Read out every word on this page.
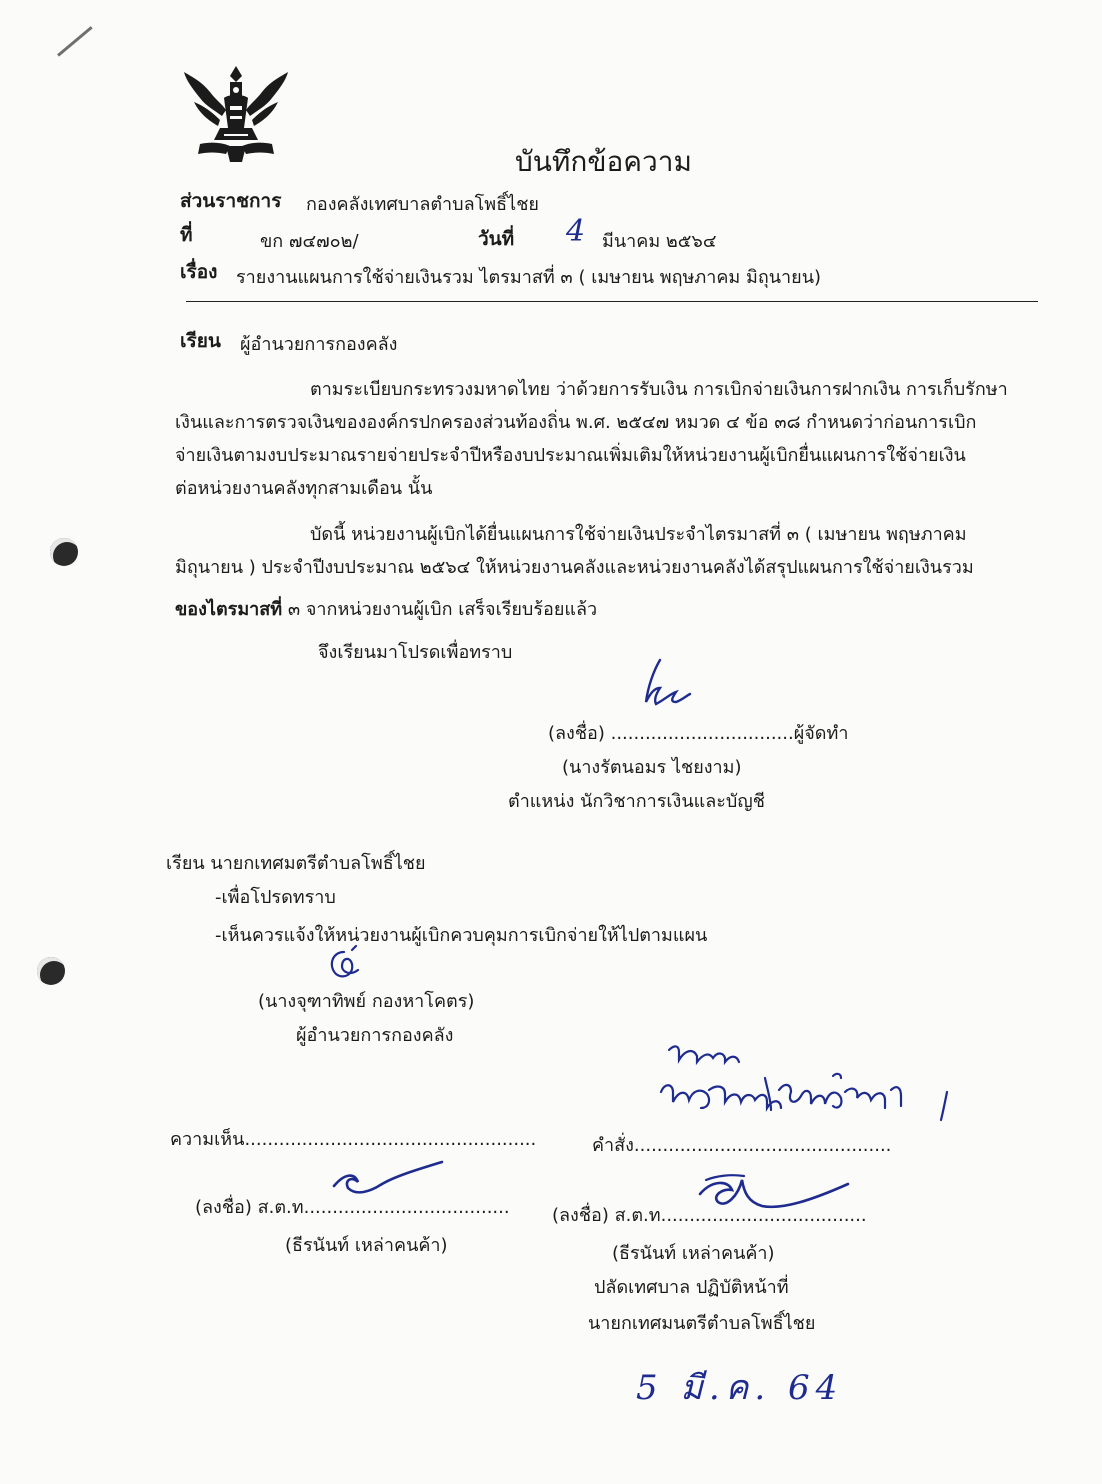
บันทึกข้อความ
ส่วนราชการ กองคลังเทศบาลตำบลโพธิ์ไชย
ที่	ขก ๗๔๗๐๒/	วันที่ 4 มีนาคม ๒๕๖๔
เรื่อง รายงานแผนการใช้จ่ายเงินรวม ไตรมาสที่ ๓ ( เมษายน พฤษภาคม มิถุนายน)
เรียน ผู้อำนวยการกองคลัง
ตามระเบียบกระทรวงมหาดไทย ว่าด้วยการรับเงิน การเบิกจ่ายเงินการฝากเงิน การเก็บรักษา
เงินและการตรวจเงินขององค์กรปกครองส่วนท้องถิ่น พ.ศ. ๒๕๔๗ หมวด ๔ ข้อ ๓๘ กำหนดว่าก่อนการเบิก
จ่ายเงินตามงบประมาณรายจ่ายประจำปีหรืองบประมาณเพิ่มเติมให้หน่วยงานผู้เบิกยื่นแผนการใช้จ่ายเงิน
ต่อหน่วยงานคลังทุกสามเดือน นั้น
บัดนี้ หน่วยงานผู้เบิกได้ยื่นแผนการใช้จ่ายเงินประจำไตรมาสที่ ๓ ( เมษายน พฤษภาคม
มิถุนายน ) ประจำปีงบประมาณ ๒๕๖๔ ให้หน่วยงานคลังและหน่วยงานคลังได้สรุปแผนการใช้จ่ายเงินรวม
ของไตรมาสที่ ๓ จากหน่วยงานผู้เบิก เสร็จเรียบร้อยแล้ว
จึงเรียนมาโปรดเพื่อทราบ
(ลงชื่อ) ................................ผู้จัดทำ
(นางรัตนอมร ไชยงาม)
ตำแหน่ง นักวิชาการเงินและบัญชี
เรียน นายกเทศมตรีตำบลโพธิ์ไชย
-เพื่อโปรดทราบ
-เห็นควรแจ้งให้หน่วยงานผู้เบิกควบคุมการเบิกจ่ายให้ไปตามแผน
(นางจุฑาทิพย์ กองหาโคตร)
ผู้อำนวยการกองคลัง
ความเห็น...................................................
(ลงชื่อ) ส.ต.ท....................................
(ธีรนันท์ เหล่าคนค้า)
คำสั่ง.............................................
(ลงชื่อ) ส.ต.ท....................................
(ธีรนันท์ เหล่าคนค้า)
ปลัดเทศบาล ปฏิบัติหน้าที่
นายกเทศมนตรีตำบลโพธิ์ไชย
5 มี.ค. 64
